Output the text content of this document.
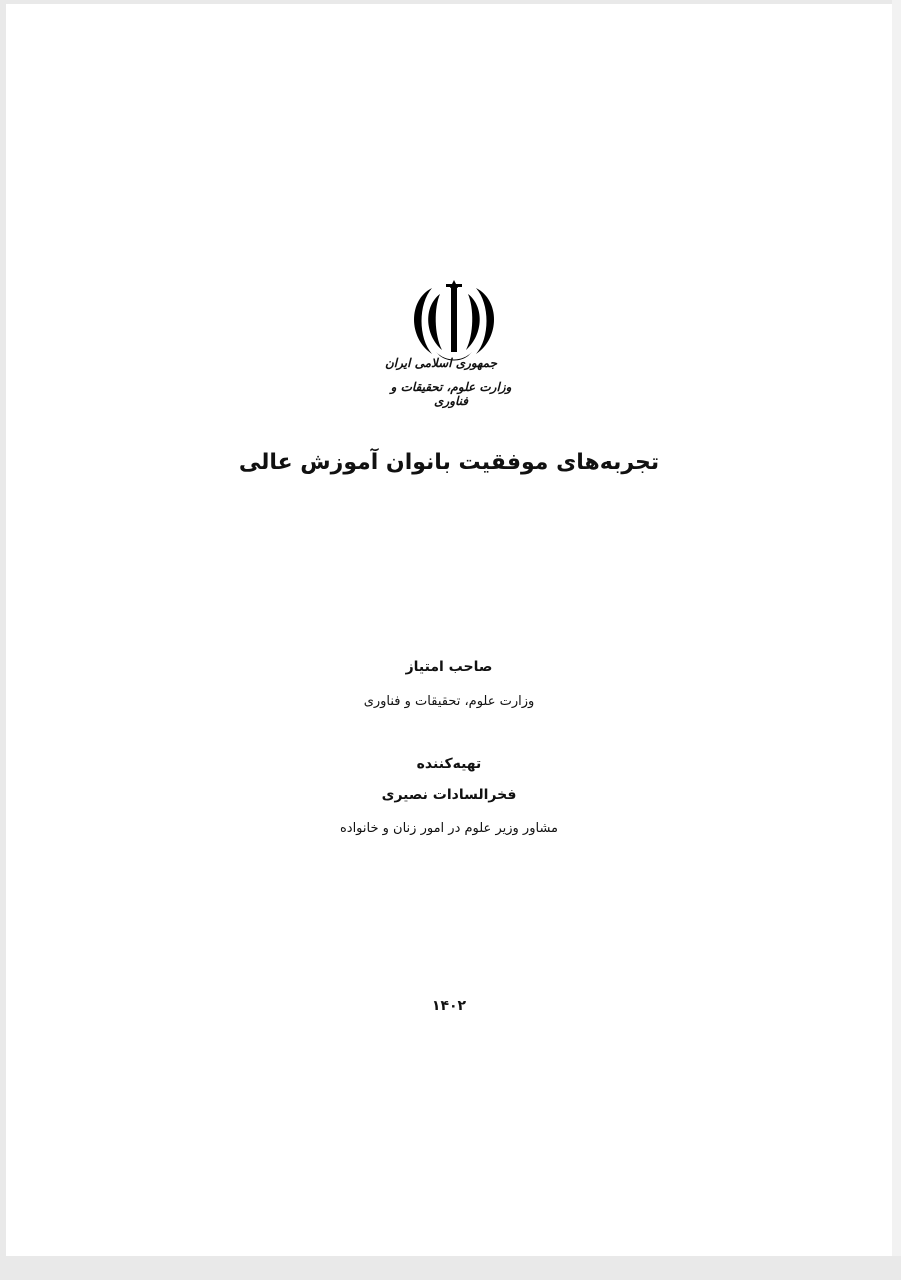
جمهوری اسلامی ایران
وزارت علوم، تحقیقات و فناوری
تجربه‌های موفقیت بانوان آموزش عالی
صاحب امتیاز
وزارت علوم، تحقیقات و فناوری
تهیه‌کننده
فخرالسادات نصیری
مشاور وزیر علوم در امور زنان و خانواده
۱۴۰۲
